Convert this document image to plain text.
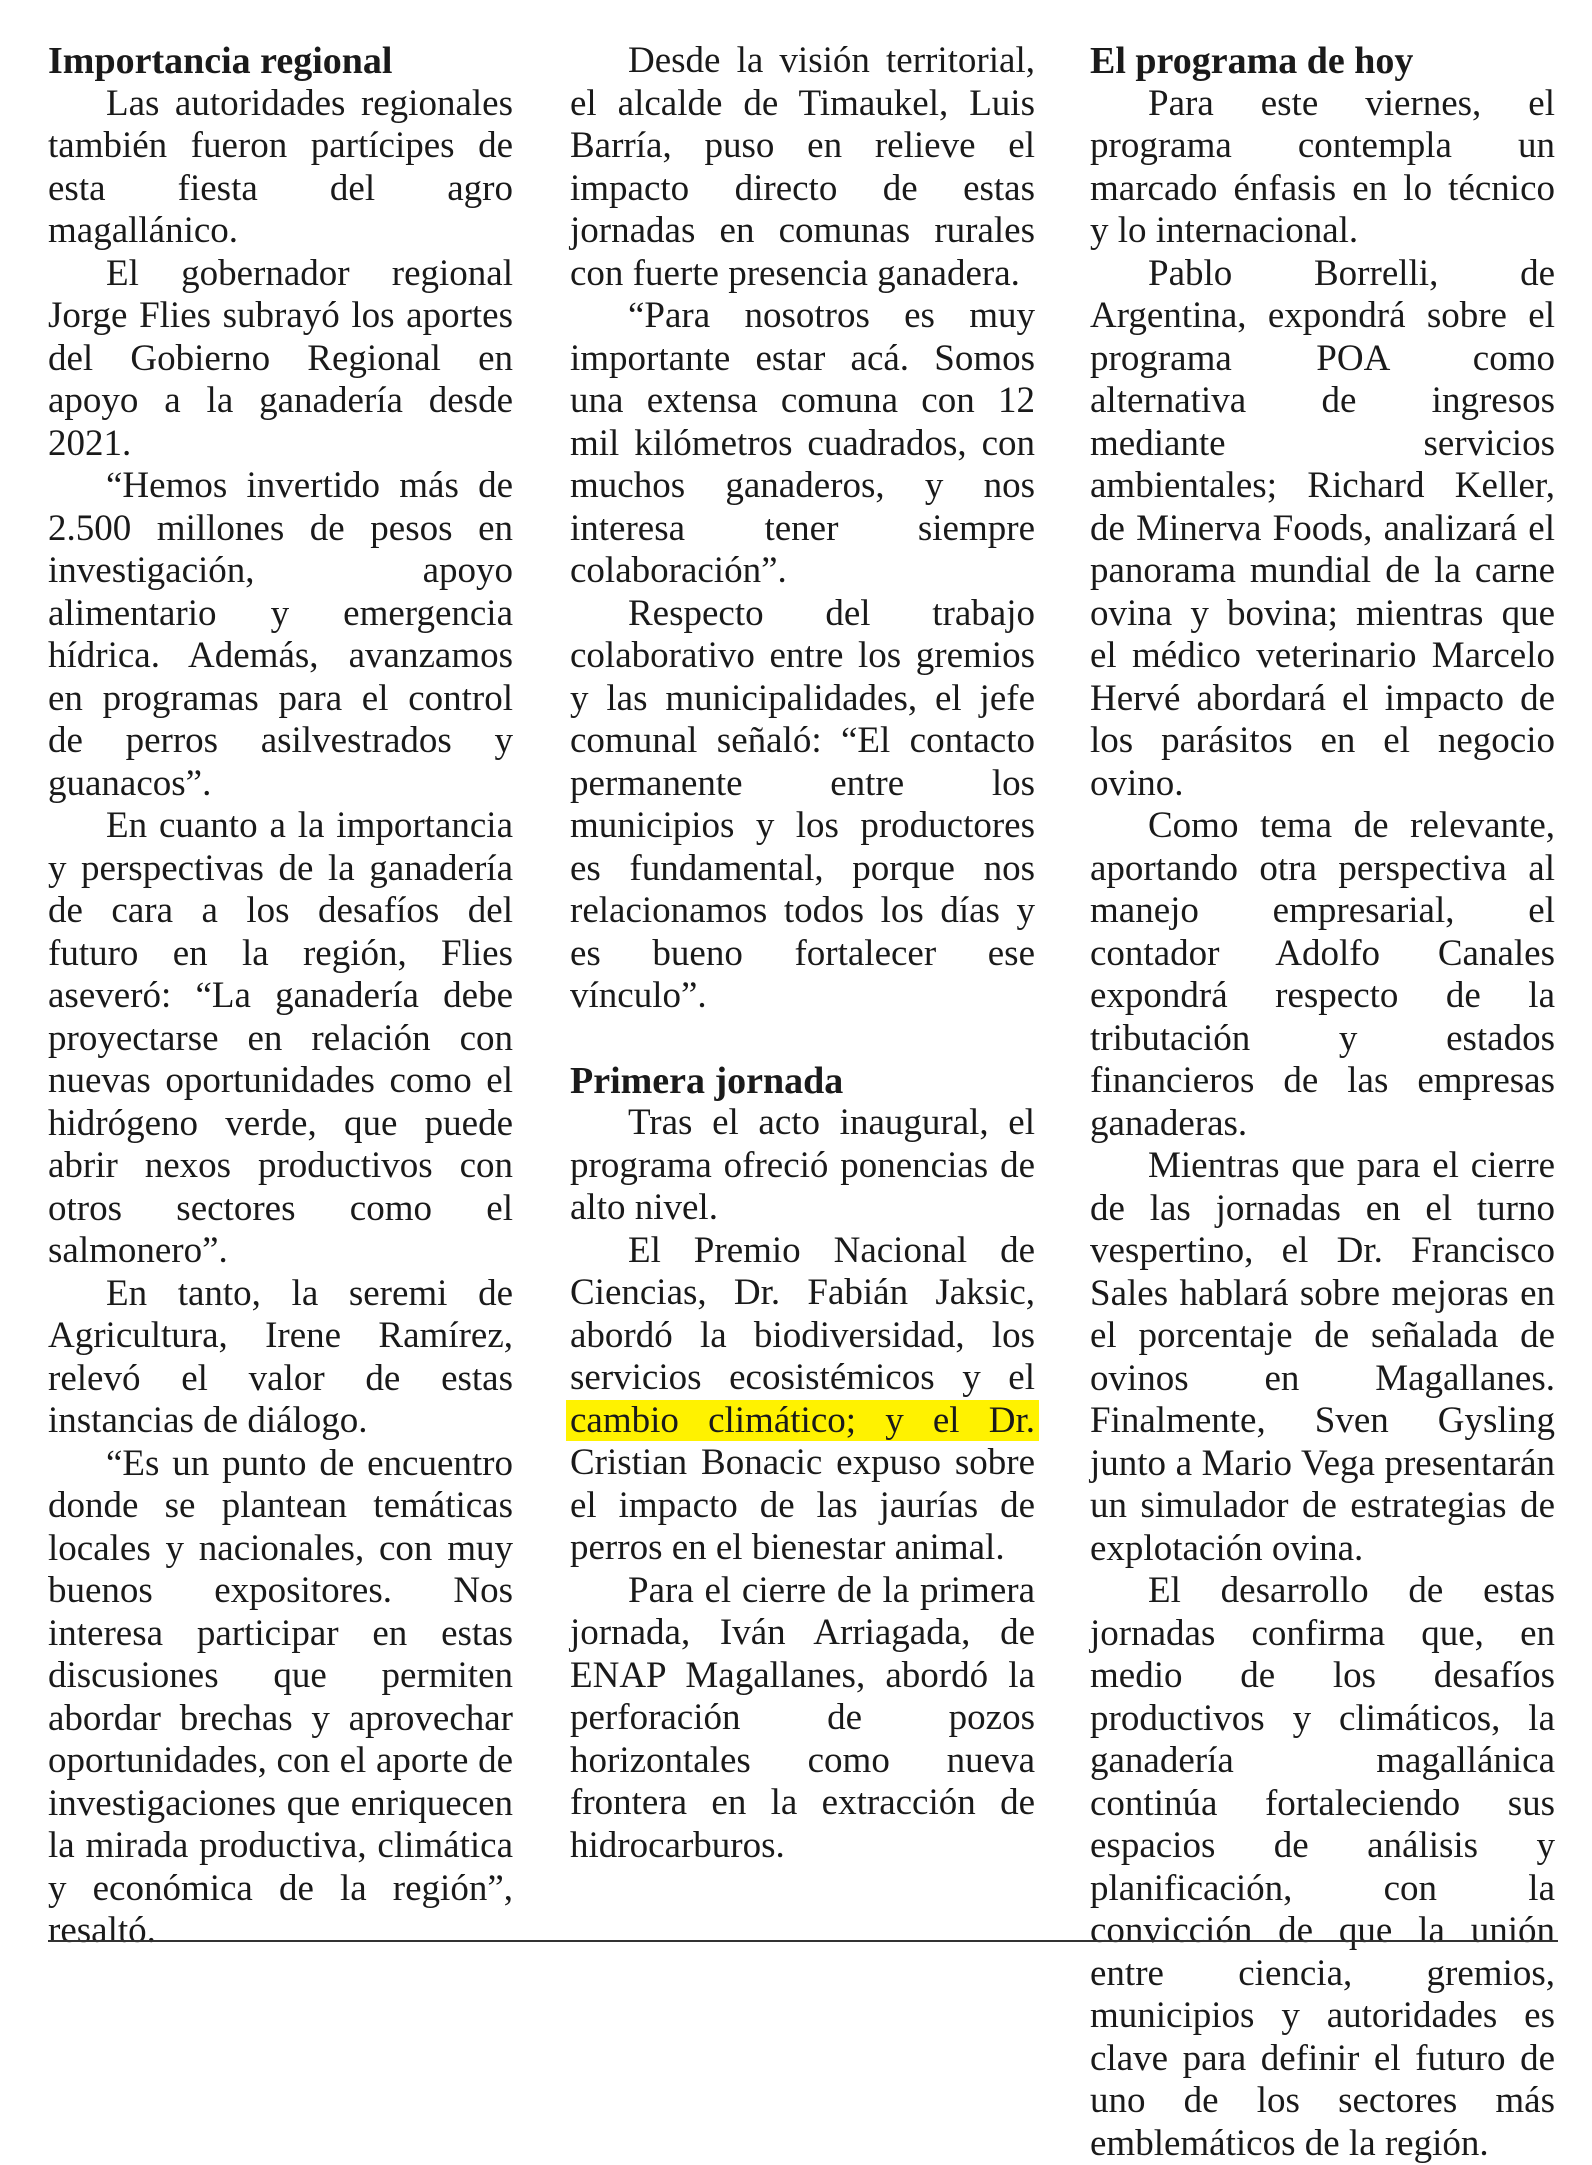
Importancia regional

Las autoridades regionales también fueron partícipes de esta fiesta del agro magallánico.

El gobernador regional Jorge Flies subrayó los aportes del Gobierno Regional en apoyo a la ganadería desde 2021.

“Hemos invertido más de 2.500 millones de pesos en investigación, apoyo alimentario y emergencia hídrica. Además, avanzamos en programas para el control de perros asilvestrados y guanacos”.

En cuanto a la importancia y perspectivas de la ganadería de cara a los desafíos del futuro en la región, Flies aseveró: “La ganadería debe proyectarse en relación con nuevas oportunidades como el hidrógeno verde, que puede abrir nexos productivos con otros sectores como el salmonero”.

En tanto, la seremi de Agricultura, Irene Ramírez, relevó el valor de estas instancias de diálogo.

“Es un punto de encuentro donde se plantean temáticas locales y nacionales, con muy buenos expositores. Nos interesa participar en estas discusiones que permiten abordar brechas y aprovechar oportunidades, con el aporte de investigaciones que enriquecen la mirada productiva, climática y económica de la región”, resaltó.

Desde la visión territorial, el alcalde de Timaukel, Luis Barría, puso en relieve el impacto directo de estas jornadas en comunas rurales con fuerte presencia ganadera.

“Para nosotros es muy importante estar acá. Somos una extensa comuna con 12 mil kilómetros cuadrados, con muchos ganaderos, y nos interesa tener siempre colaboración”.

Respecto del trabajo colaborativo entre los gremios y las municipalidades, el jefe comunal señaló: “El contacto permanente entre los municipios y los productores es fundamental, porque nos relacionamos todos los días y es bueno fortalecer ese vínculo”.

Primera jornada

Tras el acto inaugural, el programa ofreció ponencias de alto nivel.

El Premio Nacional de Ciencias, Dr. Fabián Jaksic, abordó la biodiversidad, los servicios ecosistémicos y el cambio climático; y el Dr. Cristian Bonacic expuso sobre el impacto de las jaurías de perros en el bienestar animal.

Para el cierre de la primera jornada, Iván Arriagada, de ENAP Magallanes, abordó la perforación de pozos horizontales como nueva frontera en la extracción de hidrocarburos.

El programa de hoy

Para este viernes, el programa contempla un marcado énfasis en lo técnico y lo internacional.

Pablo Borrelli, de Argentina, expondrá sobre el programa POA como alternativa de ingresos mediante servicios ambientales; Richard Keller, de Minerva Foods, analizará el panorama mundial de la carne ovina y bovina; mientras que el médico veterinario Marcelo Hervé abordará el impacto de los parásitos en el negocio ovino.

Como tema de relevante, aportando otra perspectiva al manejo empresarial, el contador Adolfo Canales expondrá respecto de la tributación y estados financieros de las empresas ganaderas.

Mientras que para el cierre de las jornadas en el turno vespertino, el Dr. Francisco Sales hablará sobre mejoras en el porcentaje de señalada de ovinos en Magallanes. Finalmente, Sven Gysling junto a Mario Vega presentarán un simulador de estrategias de explotación ovina.

El desarrollo de estas jornadas confirma que, en medio de los desafíos productivos y climáticos, la ganadería magallánica continúa fortaleciendo sus espacios de análisis y planificación, con la convicción de que la unión entre ciencia, gremios, municipios y autoridades es clave para definir el futuro de uno de los sectores más emblemáticos de la región.
